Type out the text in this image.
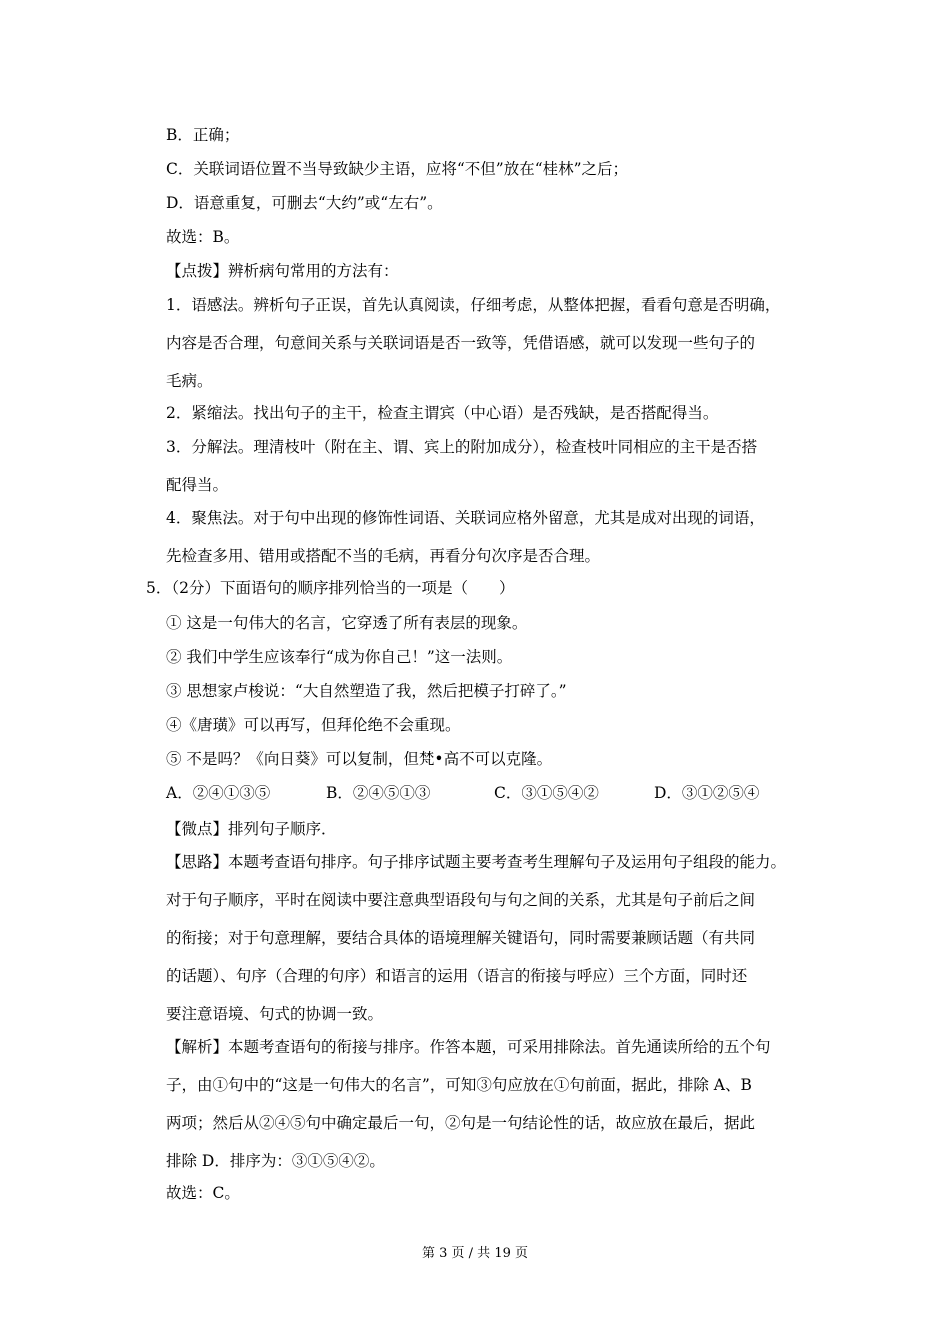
B．正确；
C．关联词语位置不当导致缺少主语，应将“不但”放在“桂林”之后；
D．语意重复，可删去“大约”或“左右”。
故选：B。
【点拨】辨析病句常用的方法有：
1．语感法。辨析句子正误，首先认真阅读，仔细考虑，从整体把握，看看句意是否明确，
内容是否合理，句意间关系与关联词语是否一致等，凭借语感，就可以发现一些句子的
毛病。
2．紧缩法。找出句子的主干，检查主谓宾（中心语）是否残缺，是否搭配得当。
3．分解法。理清枝叶（附在主、谓、宾上的附加成分），检查枝叶同相应的主干是否搭
配得当。
4．聚焦法。对于句中出现的修饰性词语、关联词应格外留意，尤其是成对出现的词语，
先检查多用、错用或搭配不当的毛病，再看分句次序是否合理。
5．（2分）下面语句的顺序排列恰当的一项是（　　）
① 这是一句伟大的名言，它穿透了所有表层的现象。
② 我们中学生应该奉行“成为你自己！”这一法则。
③ 思想家卢梭说：“大自然塑造了我，然后把模子打碎了。”
④《唐璜》可以再写，但拜伦绝不会重现。
⑤ 不是吗？《向日葵》可以复制，但梵•高不可以克隆。
A．②④①③⑤	B．②④⑤①③	C．③①⑤④②	D．③①②⑤④
【微点】排列句子顺序．
【思路】本题考查语句排序。句子排序试题主要考查考生理解句子及运用句子组段的能力。
对于句子顺序，平时在阅读中要注意典型语段句与句之间的关系，尤其是句子前后之间
的衔接；对于句意理解，要结合具体的语境理解关键语句，同时需要兼顾话题（有共同
的话题）、句序（合理的句序）和语言的运用（语言的衔接与呼应）三个方面，同时还
要注意语境、句式的协调一致。
【解析】本题考查语句的衔接与排序。作答本题，可采用排除法。首先通读所给的五个句
子，由①句中的“这是一句伟大的名言”，可知③句应放在①句前面，据此，排除 A、B
两项；然后从②④⑤句中确定最后一句，②句是一句结论性的话，故应放在最后，据此
排除 D．排序为：③①⑤④②。
故选：C。
第 3 页 / 共 19 页
